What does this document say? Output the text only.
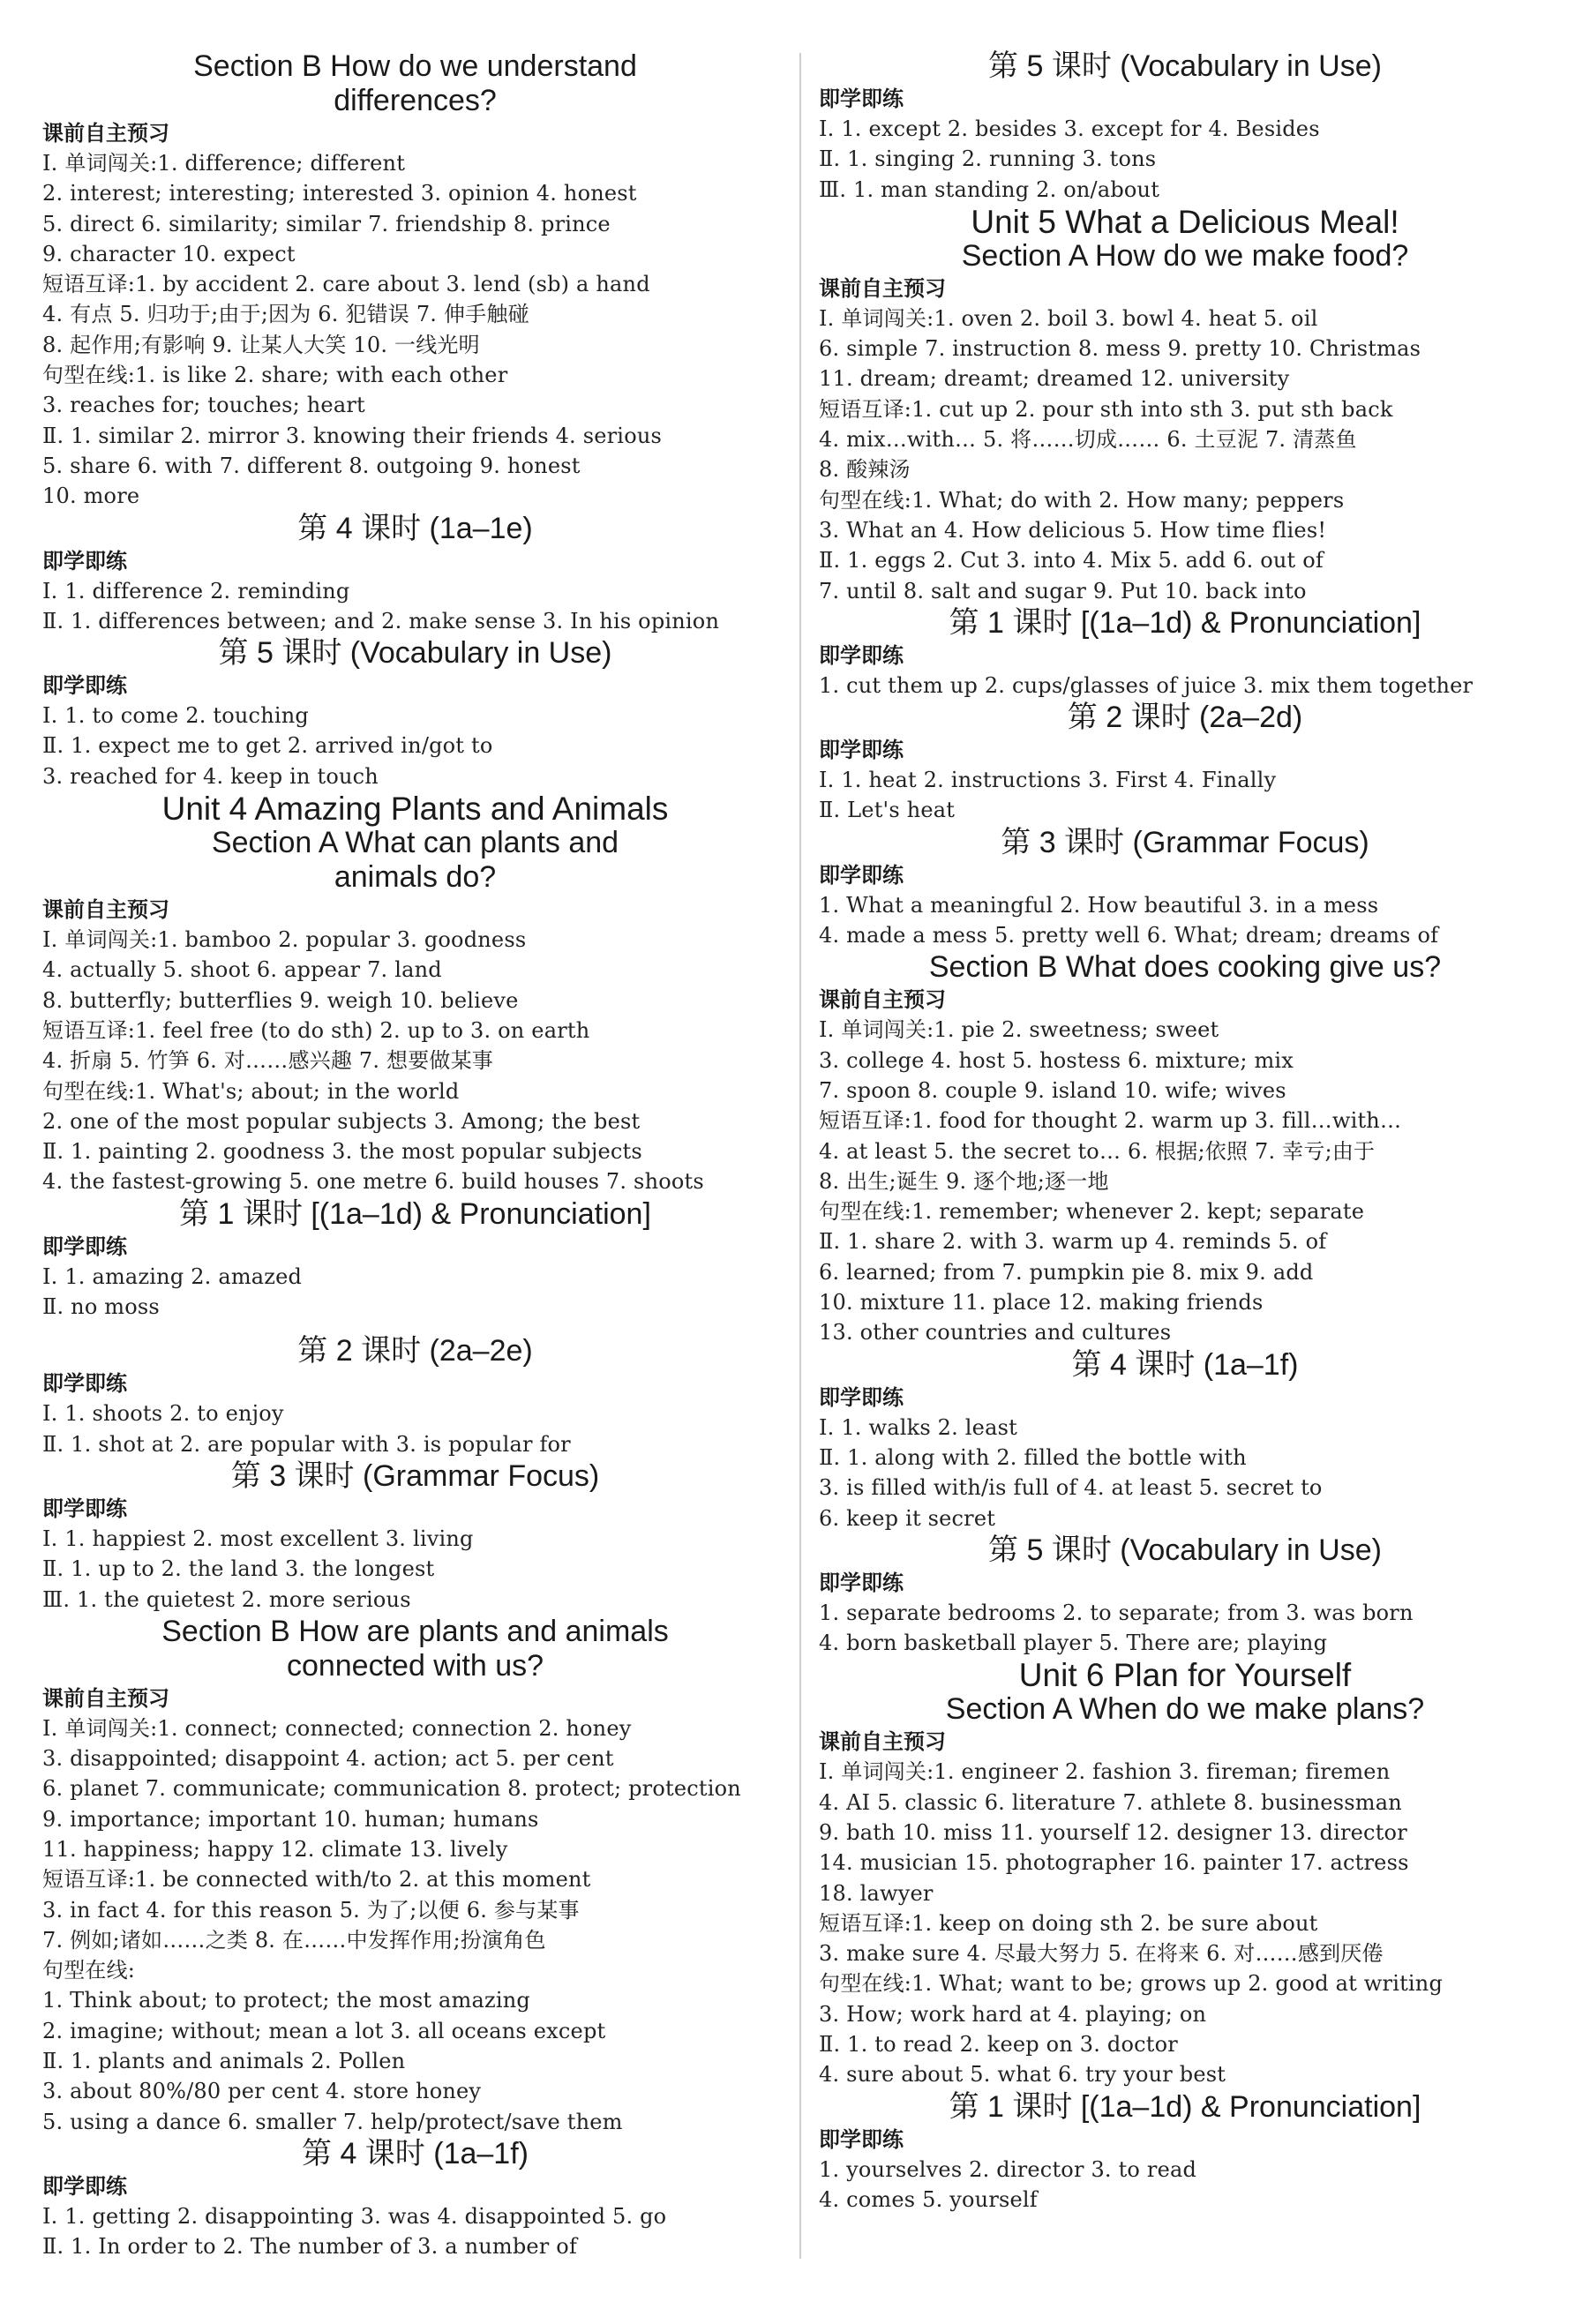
Section B How do we understand
differences?
课前自主预习
Ⅰ. 单词闯关:1. difference; different
2. interest; interesting; interested 3. opinion 4. honest
5. direct 6. similarity; similar 7. friendship 8. prince
9. character 10. expect
短语互译:1. by accident 2. care about 3. lend (sb) a hand
4. 有点 5. 归功于;由于;因为 6. 犯错误 7. 伸手触碰
8. 起作用;有影响 9. 让某人大笑 10. 一线光明
句型在线:1. is like 2. share; with each other
3. reaches for; touches; heart
Ⅱ. 1. similar 2. mirror 3. knowing their friends 4. serious
5. share 6. with 7. different 8. outgoing 9. honest
10. more
第 4 课时 (1a–1e)
即学即练
Ⅰ. 1. difference 2. reminding
Ⅱ. 1. differences between; and 2. make sense 3. In his opinion
第 5 课时 (Vocabulary in Use)
即学即练
Ⅰ. 1. to come 2. touching
Ⅱ. 1. expect me to get 2. arrived in/got to
3. reached for 4. keep in touch
Unit 4 Amazing Plants and Animals
Section A What can plants and
animals do?
课前自主预习
Ⅰ. 单词闯关:1. bamboo 2. popular 3. goodness
4. actually 5. shoot 6. appear 7. land
8. butterfly; butterflies 9. weigh 10. believe
短语互译:1. feel free (to do sth) 2. up to 3. on earth
4. 折扇 5. 竹笋 6. 对……感兴趣 7. 想要做某事
句型在线:1. What's; about; in the world
2. one of the most popular subjects 3. Among; the best
Ⅱ. 1. painting 2. goodness 3. the most popular subjects
4. the fastest-growing 5. one metre 6. build houses 7. shoots
第 1 课时 [(1a–1d) & Pronunciation]
即学即练
Ⅰ. 1. amazing 2. amazed
Ⅱ. no moss
第 2 课时 (2a–2e)
即学即练
Ⅰ. 1. shoots 2. to enjoy
Ⅱ. 1. shot at 2. are popular with 3. is popular for
第 3 课时 (Grammar Focus)
即学即练
Ⅰ. 1. happiest 2. most excellent 3. living
Ⅱ. 1. up to 2. the land 3. the longest
Ⅲ. 1. the quietest 2. more serious
Section B How are plants and animals
connected with us?
课前自主预习
Ⅰ. 单词闯关:1. connect; connected; connection 2. honey
3. disappointed; disappoint 4. action; act 5. per cent
6. planet 7. communicate; communication 8. protect; protection
9. importance; important 10. human; humans
11. happiness; happy 12. climate 13. lively
短语互译:1. be connected with/to 2. at this moment
3. in fact 4. for this reason 5. 为了;以便 6. 参与某事
7. 例如;诸如……之类 8. 在……中发挥作用;扮演角色
句型在线:
1. Think about; to protect; the most amazing
2. imagine; without; mean a lot 3. all oceans except
Ⅱ. 1. plants and animals 2. Pollen
3. about 80%/80 per cent 4. store honey
5. using a dance 6. smaller 7. help/protect/save them
第 4 课时 (1a–1f)
即学即练
Ⅰ. 1. getting 2. disappointing 3. was 4. disappointed 5. go
Ⅱ. 1. In order to 2. The number of 3. a number of
第 5 课时 (Vocabulary in Use)
即学即练
Ⅰ. 1. except 2. besides 3. except for 4. Besides
Ⅱ. 1. singing 2. running 3. tons
Ⅲ. 1. man standing 2. on/about
Unit 5 What a Delicious Meal!
Section A How do we make food?
课前自主预习
Ⅰ. 单词闯关:1. oven 2. boil 3. bowl 4. heat 5. oil
6. simple 7. instruction 8. mess 9. pretty 10. Christmas
11. dream; dreamt; dreamed 12. university
短语互译:1. cut up 2. pour sth into sth 3. put sth back
4. mix…with… 5. 将……切成…… 6. 土豆泥 7. 清蒸鱼
8. 酸辣汤
句型在线:1. What; do with 2. How many; peppers
3. What an 4. How delicious 5. How time flies!
Ⅱ. 1. eggs 2. Cut 3. into 4. Mix 5. add 6. out of
7. until 8. salt and sugar 9. Put 10. back into
第 1 课时 [(1a–1d) & Pronunciation]
即学即练
1. cut them up 2. cups/glasses of juice 3. mix them together
第 2 课时 (2a–2d)
即学即练
Ⅰ. 1. heat 2. instructions 3. First 4. Finally
Ⅱ. Let's heat
第 3 课时 (Grammar Focus)
即学即练
1. What a meaningful 2. How beautiful 3. in a mess
4. made a mess 5. pretty well 6. What; dream; dreams of
Section B What does cooking give us?
课前自主预习
Ⅰ. 单词闯关:1. pie 2. sweetness; sweet
3. college 4. host 5. hostess 6. mixture; mix
7. spoon 8. couple 9. island 10. wife; wives
短语互译:1. food for thought 2. warm up 3. fill…with…
4. at least 5. the secret to… 6. 根据;依照 7. 幸亏;由于
8. 出生;诞生 9. 逐个地;逐一地
句型在线:1. remember; whenever 2. kept; separate
Ⅱ. 1. share 2. with 3. warm up 4. reminds 5. of
6. learned; from 7. pumpkin pie 8. mix 9. add
10. mixture 11. place 12. making friends
13. other countries and cultures
第 4 课时 (1a–1f)
即学即练
Ⅰ. 1. walks 2. least
Ⅱ. 1. along with 2. filled the bottle with
3. is filled with/is full of 4. at least 5. secret to
6. keep it secret
第 5 课时 (Vocabulary in Use)
即学即练
1. separate bedrooms 2. to separate; from 3. was born
4. born basketball player 5. There are; playing
Unit 6 Plan for Yourself
Section A When do we make plans?
课前自主预习
Ⅰ. 单词闯关:1. engineer 2. fashion 3. fireman; firemen
4. AI 5. classic 6. literature 7. athlete 8. businessman
9. bath 10. miss 11. yourself 12. designer 13. director
14. musician 15. photographer 16. painter 17. actress
18. lawyer
短语互译:1. keep on doing sth 2. be sure about
3. make sure 4. 尽最大努力 5. 在将来 6. 对……感到厌倦
句型在线:1. What; want to be; grows up 2. good at writing
3. How; work hard at 4. playing; on
Ⅱ. 1. to read 2. keep on 3. doctor
4. sure about 5. what 6. try your best
第 1 课时 [(1a–1d) & Pronunciation]
即学即练
1. yourselves 2. director 3. to read
4. comes 5. yourself
